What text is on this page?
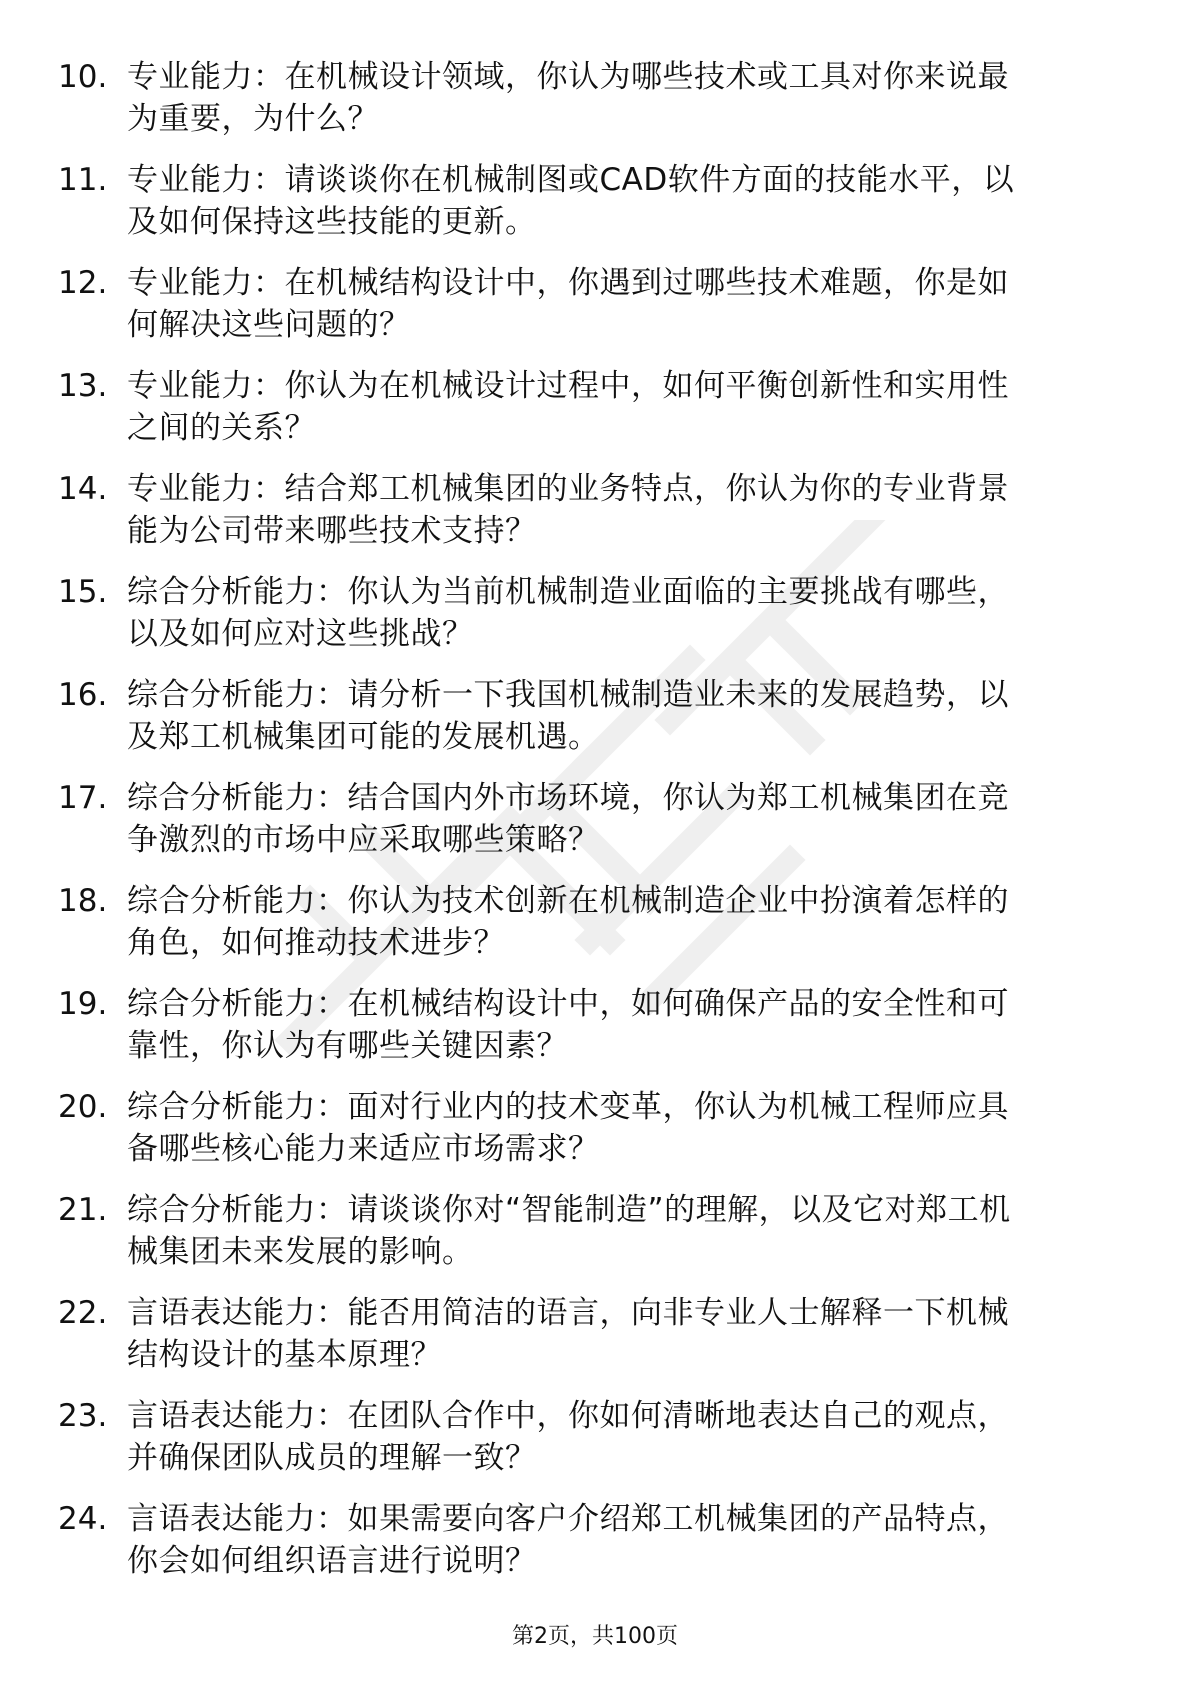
10. 专业能力：在机械设计领域，你认为哪些技术或工具对你来说最
为重要，为什么？
11. 专业能力：请谈谈你在机械制图或CAD软件方面的技能水平，以
及如何保持这些技能的更新。
12. 专业能力：在机械结构设计中，你遇到过哪些技术难题，你是如
何解决这些问题的？
13. 专业能力：你认为在机械设计过程中，如何平衡创新性和实用性
之间的关系？
14. 专业能力：结合郑工机械集团的业务特点，你认为你的专业背景
能为公司带来哪些技术支持？
15. 综合分析能力：你认为当前机械制造业面临的主要挑战有哪些，
以及如何应对这些挑战？
16. 综合分析能力：请分析一下我国机械制造业未来的发展趋势，以
及郑工机械集团可能的发展机遇。
17. 综合分析能力：结合国内外市场环境，你认为郑工机械集团在竞
争激烈的市场中应采取哪些策略？
18. 综合分析能力：你认为技术创新在机械制造企业中扮演着怎样的
角色，如何推动技术进步？
19. 综合分析能力：在机械结构设计中，如何确保产品的安全性和可
靠性，你认为有哪些关键因素？
20. 综合分析能力：面对行业内的技术变革，你认为机械工程师应具
备哪些核心能力来适应市场需求？
21. 综合分析能力：请谈谈你对“智能制造”的理解，以及它对郑工机
械集团未来发展的影响。
22. 言语表达能力：能否用简洁的语言，向非专业人士解释一下机械
结构设计的基本原理？
23. 言语表达能力：在团队合作中，你如何清晰地表达自己的观点，
并确保团队成员的理解一致？
24. 言语表达能力：如果需要向客户介绍郑工机械集团的产品特点，
你会如何组织语言进行说明？
第2页，共100页
